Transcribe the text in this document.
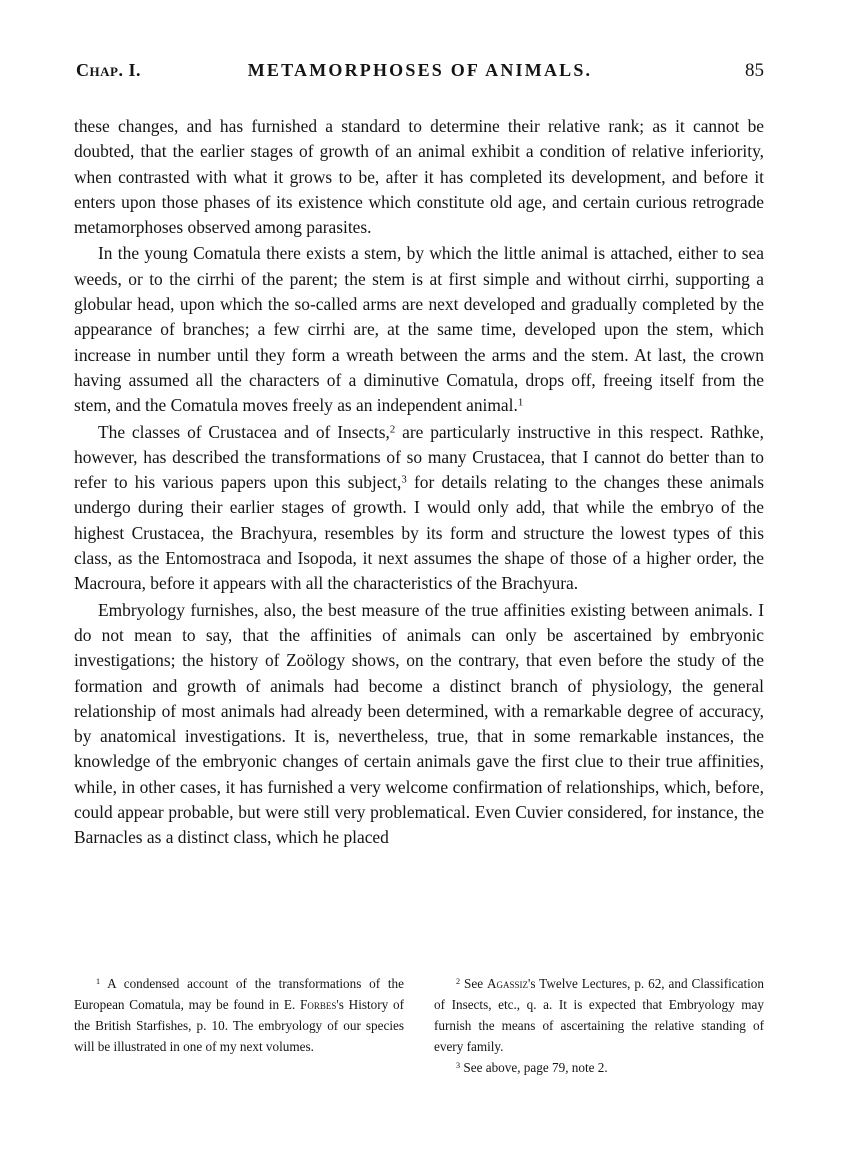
Chap. I.	METAMORPHOSES OF ANIMALS.	85

these changes, and has furnished a standard to determine their relative rank; as it cannot be doubted, that the earlier stages of growth of an animal exhibit a condition of relative inferiority, when contrasted with what it grows to be, after it has completed its development, and before it enters upon those phases of its existence which constitute old age, and certain curious retrograde metamorphoses observed among parasites.

In the young Comatula there exists a stem, by which the little animal is attached, either to sea weeds, or to the cirrhi of the parent; the stem is at first simple and without cirrhi, supporting a globular head, upon which the so-called arms are next developed and gradually completed by the appearance of branches; a few cirrhi are, at the same time, developed upon the stem, which increase in number until they form a wreath between the arms and the stem. At last, the crown having assumed all the characters of a diminutive Comatula, drops off, freeing itself from the stem, and the Comatula moves freely as an independent animal.$^1$

The classes of Crustacea and of Insects,$^2$ are particularly instructive in this respect. Rathke, however, has described the transformations of so many Crustacea, that I cannot do better than to refer to his various papers upon this subject,$^3$ for details relating to the changes these animals undergo during their earlier stages of growth. I would only add, that while the embryo of the highest Crustacea, the Brachyura, resembles by its form and structure the lowest types of this class, as the Entomostraca and Isopoda, it next assumes the shape of those of a higher order, the Macroura, before it appears with all the characteristics of the Brachyura.

Embryology furnishes, also, the best measure of the true affinities existing between animals. I do not mean to say, that the affinities of animals can only be ascertained by embryonic investigations; the history of Zoölogy shows, on the contrary, that even before the study of the formation and growth of animals had become a distinct branch of physiology, the general relationship of most animals had already been determined, with a remarkable degree of accuracy, by anatomical investigations. It is, nevertheless, true, that in some remarkable instances, the knowledge of the embryonic changes of certain animals gave the first clue to their true affinities, while, in other cases, it has furnished a very welcome confirmation of relationships, which, before, could appear probable, but were still very problematical. Even Cuvier considered, for instance, the Barnacles as a distinct class, which he placed

$^1$ A condensed account of the transformations of the European Comatula, may be found in E. Forbes's History of the British Starfishes, p. 10. The embryology of our species will be illustrated in one of my next volumes.

$^2$ See Agassiz's Twelve Lectures, p. 62, and Classification of Insects, etc., q. a. It is expected that Embryology may furnish the means of ascertaining the relative standing of every family.

$^3$ See above, page 79, note 2.
